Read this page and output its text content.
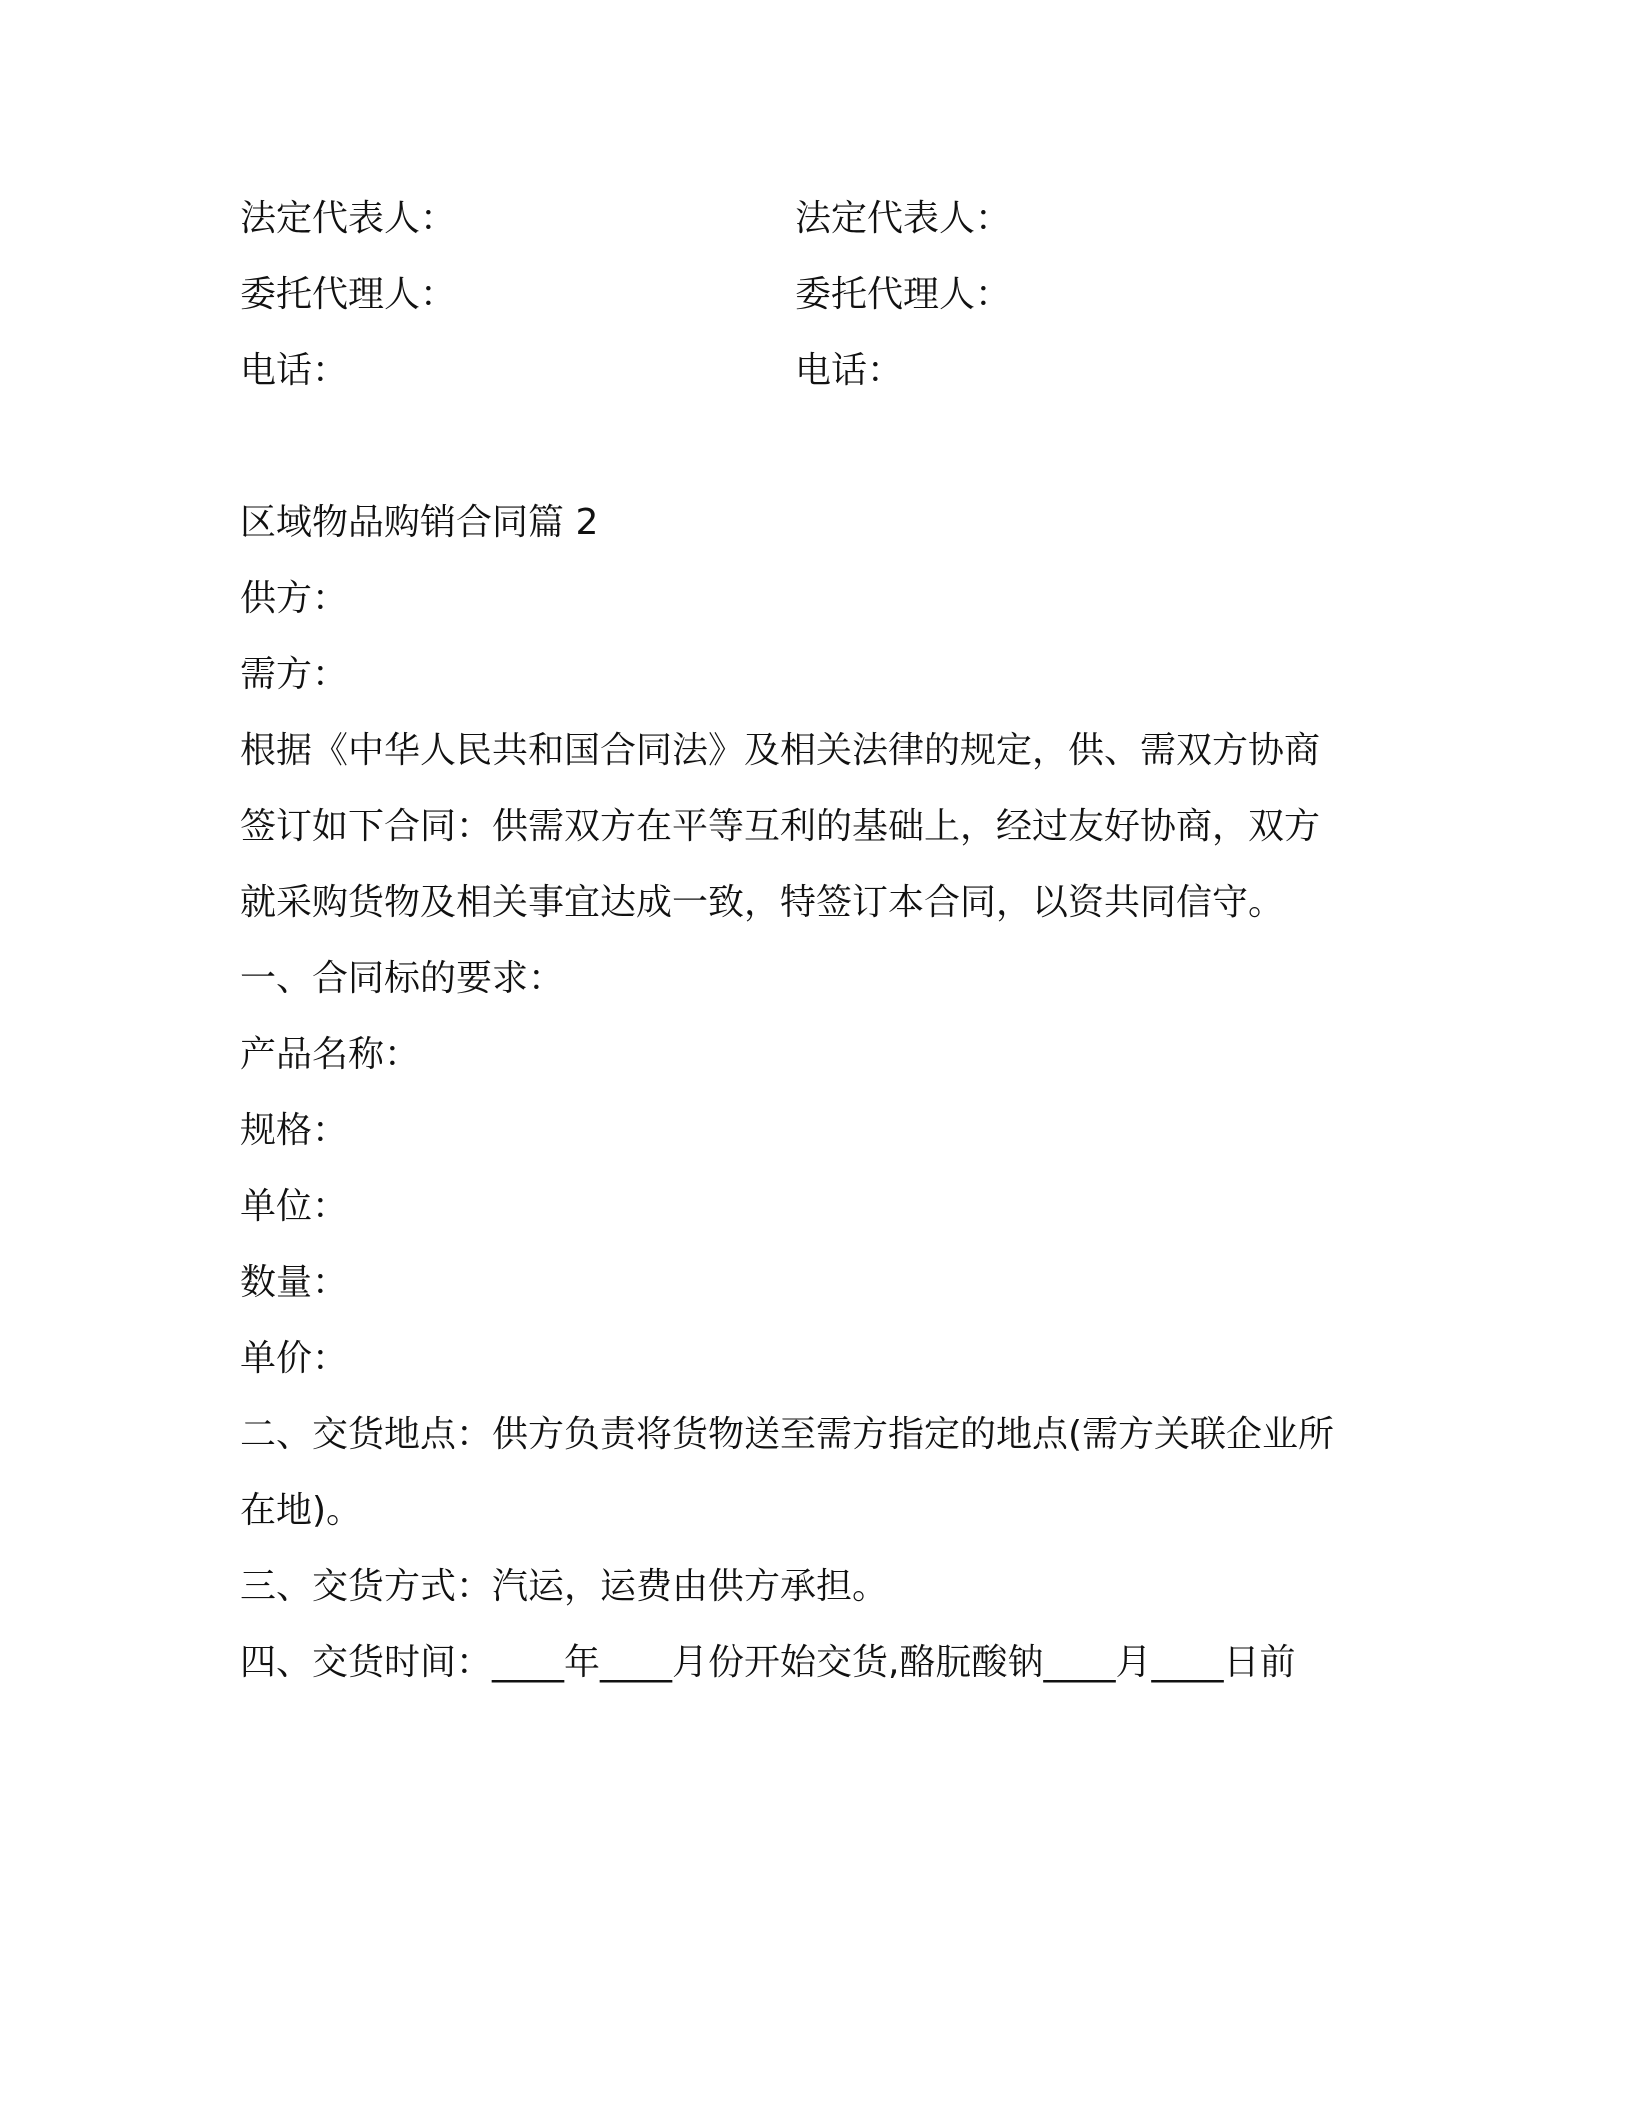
法定代表人：	法定代表人：
委托代理人：	委托代理人：
电话：	电话：
区域物品购销合同篇 2
供方：
需方：
根据《中华人民共和国合同法》及相关法律的规定，供、需双方协商
签订如下合同：供需双方在平等互利的基础上，经过友好协商，双方
就采购货物及相关事宜达成一致，特签订本合同，以资共同信守。
一、合同标的要求：
产品名称：
规格：
单位：
数量：
单价：
二、交货地点：供方负责将货物送至需方指定的地点(需方关联企业所
在地)。
三、交货方式：汽运，运费由供方承担。
四、交货时间：____年____月份开始交货,酪朊酸钠____月____日前
